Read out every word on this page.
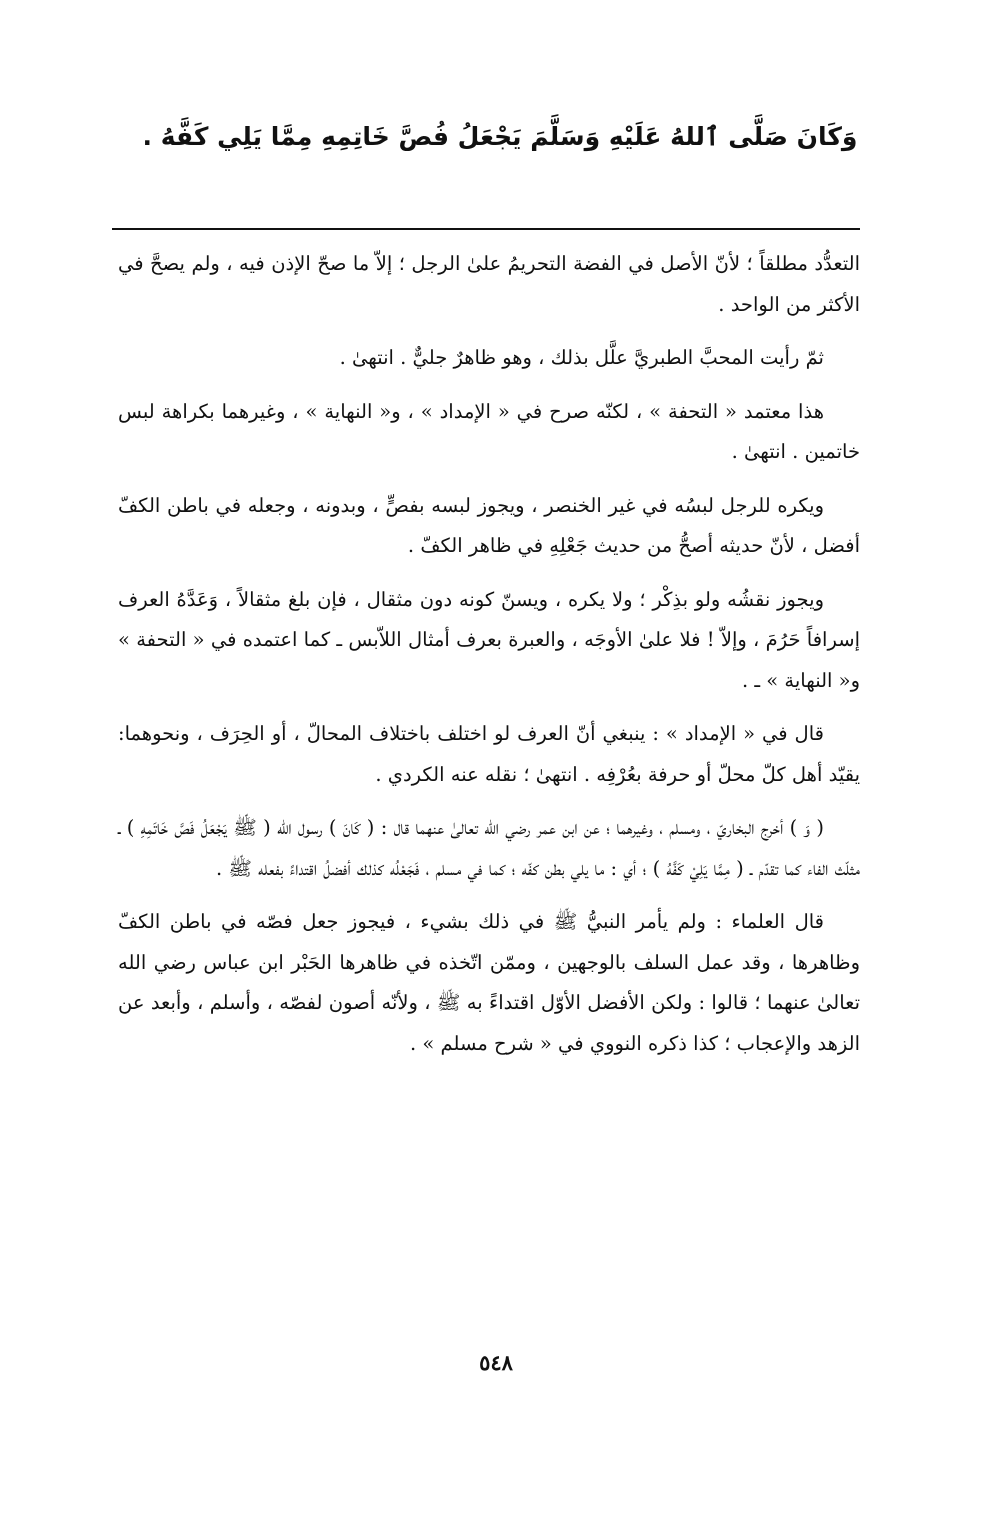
وَكَانَ صَلَّى ٱللهُ عَلَيْهِ وَسَلَّمَ يَجْعَلُ فُصَّ خَاتِمِهِ مِمَّا يَلِي كَفَّهُ .

التعدُّد مطلقاً ؛ لأنّ الأصل في الفضة التحريمُ علىٰ الرجل ؛ إلاّ ما صحّ الإذن فيه ، ولم يصحَّ في الأكثر من الواحد .

ثمّ رأيت المحبَّ الطبريَّ علَّل بذلك ، وهو ظاهرٌ جليٌّ . انتهىٰ .

هذا معتمد « التحفة » ، لكنّه صرح في « الإمداد » ، و« النهاية » ، وغيرهما بكراهة لبس خاتمين . انتهىٰ .

ويكره للرجل لبسُه في غير الخنصر ، ويجوز لبسه بفصٍّ ، وبدونه ، وجعله في باطن الكفّ أفضل ، لأنّ حديثه أصحُّ من حديث جَعْلِهِ في ظاهر الكفّ .

ويجوز نقشُه ولو بذِكْر ؛ ولا يكره ، ويسنّ كونه دون مثقال ، فإن بلغ مثقالاً ، وَعَدَّهُ العرف إسرافاً حَرُمَ ، وإلاّ ! فلا علىٰ الأوجَه ، والعبرة بعرف أمثال اللاّبس ـ كما اعتمده في « التحفة » و« النهاية » ـ .

قال في « الإمداد » : ينبغي أنّ العرف لو اختلف باختلاف المحالّ ، أو الحِرَف ، ونحوهما: يقيّد أهل كلّ محلّ أو حرفة بعُرْفِه . انتهىٰ ؛ نقله عنه الكردي .

( وَ ) أخرج البخاريّ ، ومسلم ، وغيرهما ؛ عن ابن عمر رضي الله تعالىٰ عنهما قال : ( كَانَ ) رسول الله ( ﷺ يَجْعَلُ فَصَّ خَاتَمِهِ ) ـ مثلّث الفاء كما تقدّم ـ ( مِمَّا يَلِيْ كَفَّهُ ) ؛ أي : ما يلي بطن كفّه ؛ كما في مسلم ، فَجَعْلُه كذلك أفضلُ اقتداءً بفعله ﷺ .

قال العلماء : ولم يأمر النبيُّ ﷺ في ذلك بشيء ، فيجوز جعل فصّه في باطن الكفّ وظاهرها ، وقد عمل السلف بالوجهين ، وممّن اتّخذه في ظاهرها الحَبْر ابن عباس رضي الله تعالىٰ عنهما ؛ قالوا : ولكن الأفضل الأوّل اقتداءً به ﷺ ، ولأنّه أصون لفصّه ، وأسلم ، وأبعد عن الزهد والإعجاب ؛ كذا ذكره النووي في « شرح مسلم » .

٥٤٨
